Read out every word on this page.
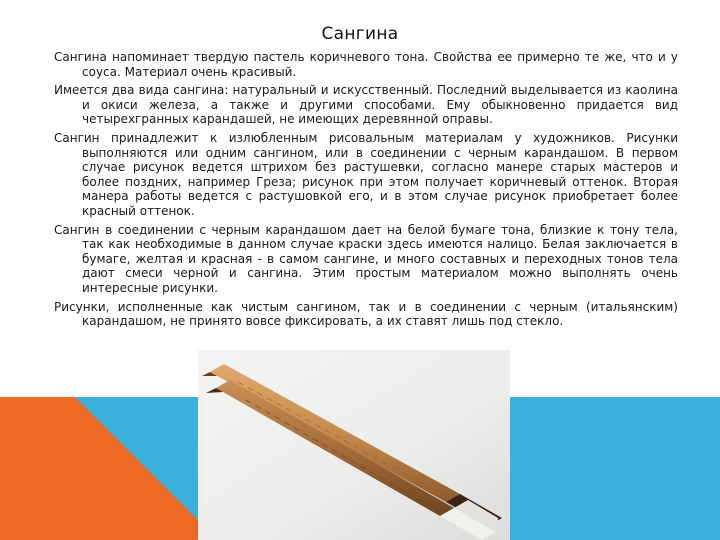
Сангина

Сангина напоминает твердую пастель коричневого тона. Свойства ее примерно те же, что и у соуса. Материал очень красивый.

Имеется два вида сангина: натуральный и искусственный. Последний выделывается из каолина и окиси железа, а также и другими способами. Ему обыкновенно придается вид четырехгранных карандашей, не имеющих деревянной оправы.

Сангин принадлежит к излюбленным рисовальным материалам у художников. Рисунки выполняются или одним сангином, или в соединении с черным карандашом. В первом случае рисунок ведется штрихом без растушевки, согласно манере старых мастеров и более поздних, например Греза; рисунок при этом получает коричневый оттенок. Вторая манера работы ведется с растушовкой его, и в этом случае рисунок приобретает более красный оттенок.

Сангин в соединении с черным карандашом дает на белой бумаге тона, близкие к тону тела, так как необходимые в данном случае краски здесь имеются налицо. Белая заключается в бумаге, желтая и красная - в самом сангине, и много составных и переходных тонов тела дают смеси черной и сангина. Этим простым материалом можно выполнять очень интересные рисунки.

Рисунки, исполненные как чистым сангином, так и в соединении с черным (итальянским) карандашом, не принято вовсе фиксировать, а их ставят лишь под стекло.
